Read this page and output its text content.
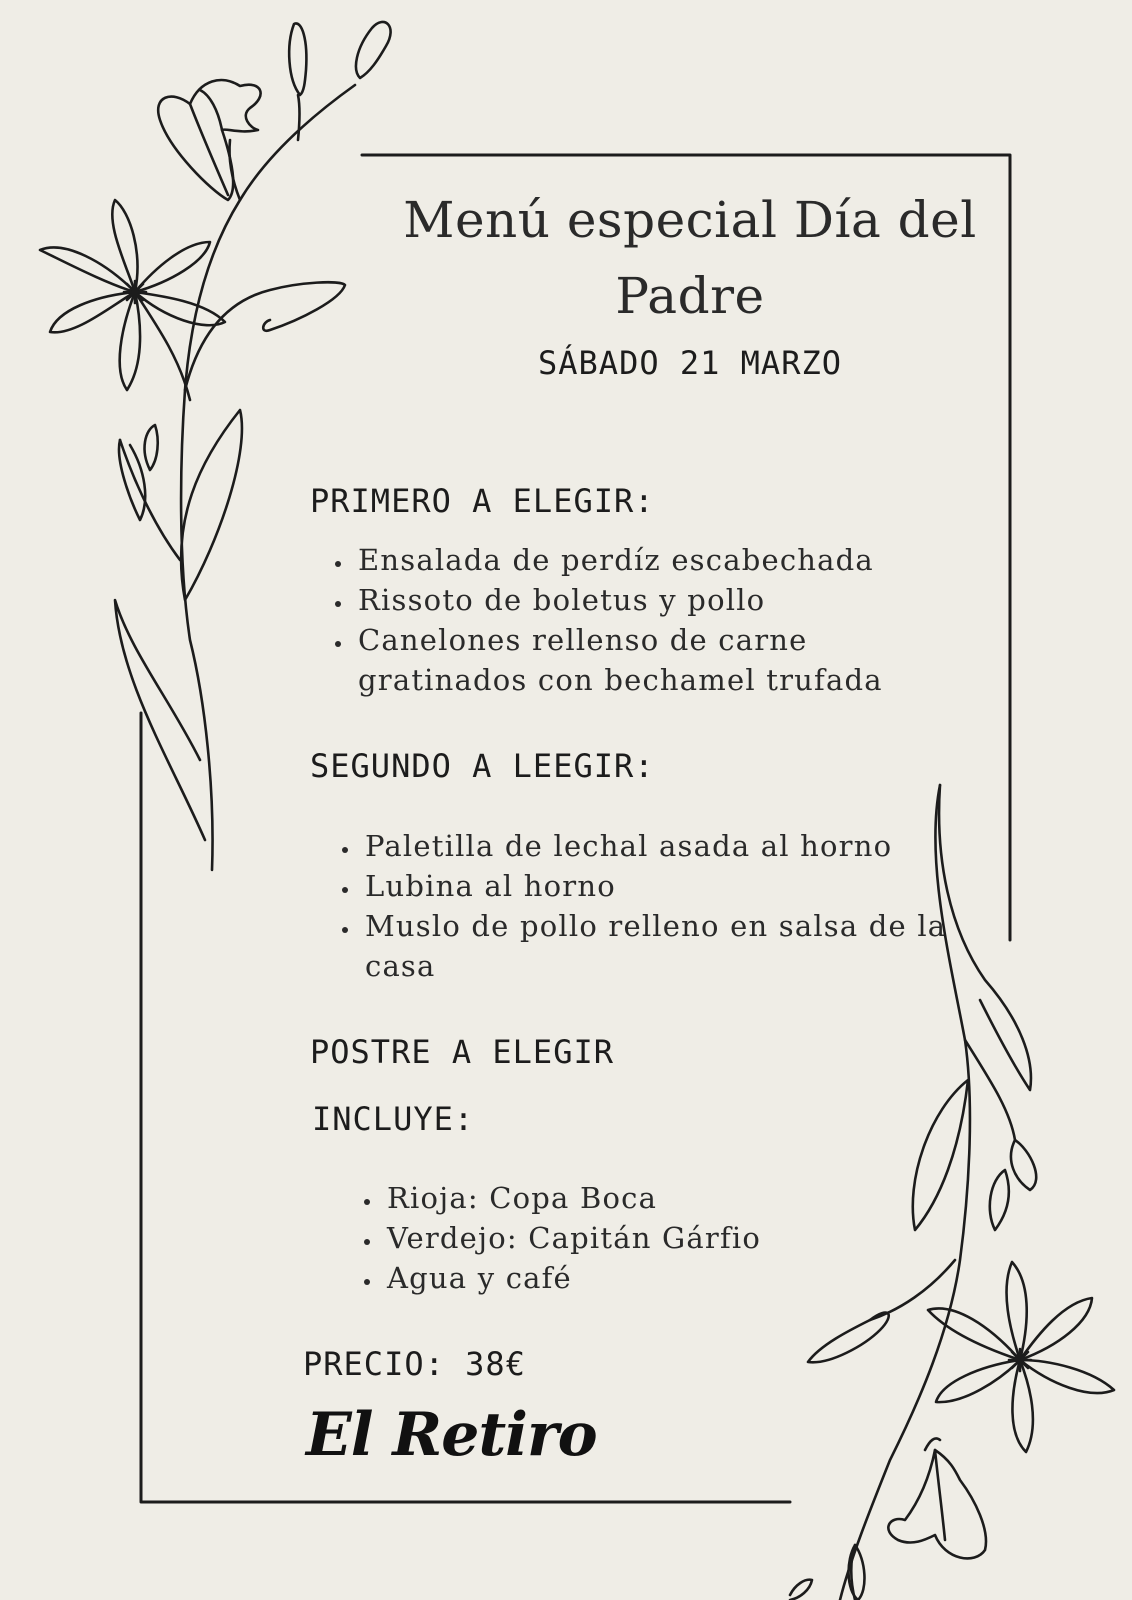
Menú especial Día del
Padre

SÁBADO 21 MARZO

PRIMERO A ELEGIR:

• Ensalada de perdíz escabechada
• Rissoto de boletus y pollo
• Canelones rellenso de carne gratinados con bechamel trufada

SEGUNDO A LEEGIR:

• Paletilla de lechal asada al horno
• Lubina al horno
• Muslo de pollo relleno en salsa de la casa

POSTRE A ELEGIR

INCLUYE:

• Rioja: Copa Boca
• Verdejo: Capitán Gárfio
• Agua y café

PRECIO: 38€

El Retiro
